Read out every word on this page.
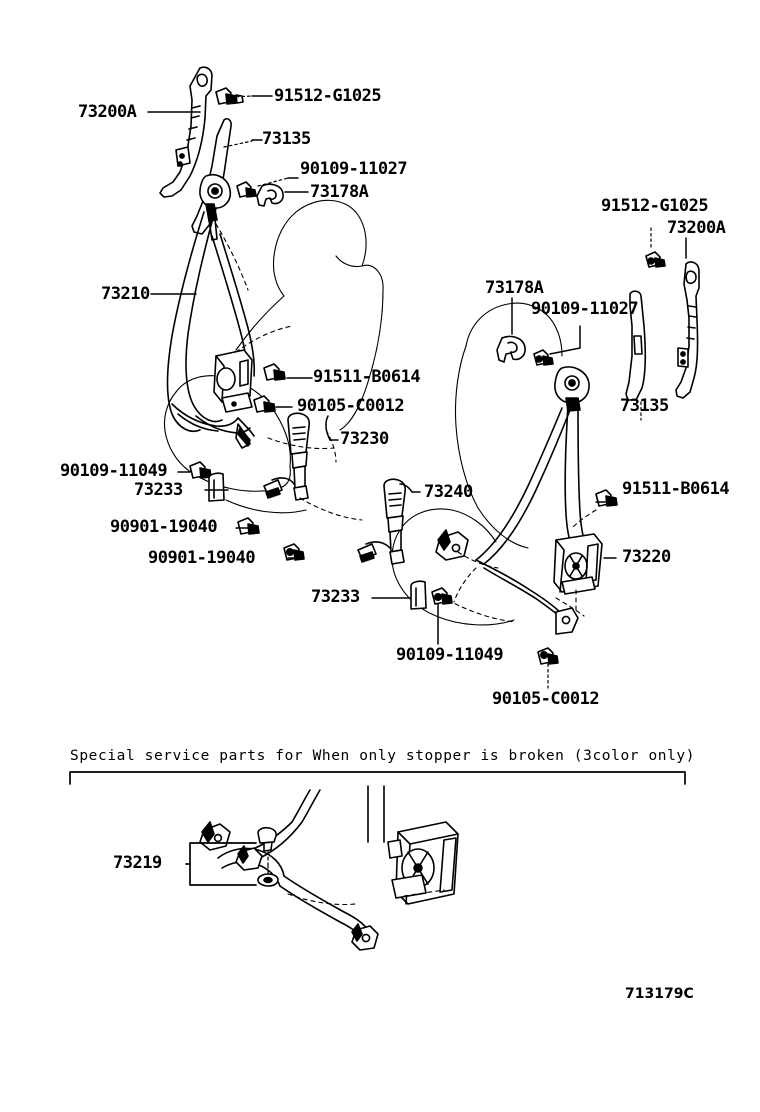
73200A
91512-G1025
73135
90109-11027
73178A
73210
91511-B0614
90105-C0012
73230
90109-11049
73233
90901-19040
90901-19040
73178A
90109-11027
91512-G1025
73200A
73135
73240	91511-B0614
73220
73233
90109-11049
90105-C0012
Special service parts for When only stopper is broken (3color only)
73219
713179C
